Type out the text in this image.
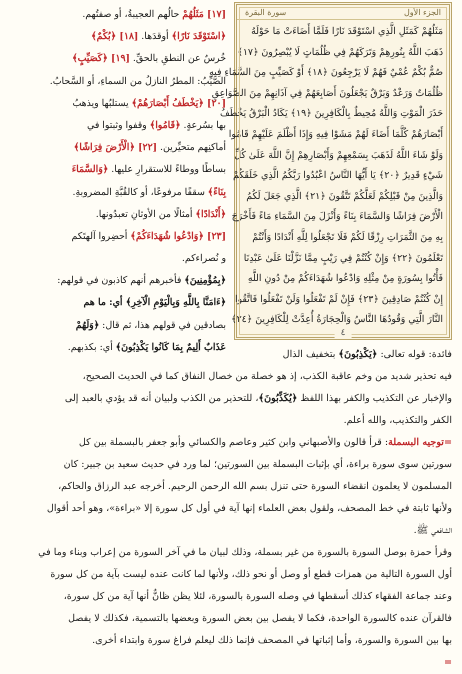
الجزء الأول
سورة البقرة
مَثَلُهُمْ كَمَثَلِ الَّذِي اسْتَوْقَدَ نَارًا فَلَمَّا أَضَاءَتْ مَا حَوْلَهُ
ذَهَبَ اللَّهُ بِنُورِهِمْ وَتَرَكَهُمْ فِي ظُلُمَاتٍ لَا يُبْصِرُونَ ﴿١٧﴾
صُمٌّ بُكْمٌ عُمْيٌ فَهُمْ لَا يَرْجِعُونَ ﴿١٨﴾ أَوْ كَصَيِّبٍ مِنَ السَّمَاءِ فِيهِ
ظُلُمَاتٌ وَرَعْدٌ وَبَرْقٌ يَجْعَلُونَ أَصَابِعَهُمْ فِي آذَانِهِمْ مِنَ الصَّوَاعِقِ
حَذَرَ الْمَوْتِ وَاللَّهُ مُحِيطٌ بِالْكَافِرِينَ ﴿١٩﴾ يَكَادُ الْبَرْقُ يَخْطَفُ
أَبْصَارَهُمْ كُلَّمَا أَضَاءَ لَهُمْ مَشَوْا فِيهِ وَإِذَا أَظْلَمَ عَلَيْهِمْ قَامُوا
وَلَوْ شَاءَ اللَّهُ لَذَهَبَ بِسَمْعِهِمْ وَأَبْصَارِهِمْ إِنَّ اللَّهَ عَلَىٰ كُلِّ
شَيْءٍ قَدِيرٌ ﴿٢٠﴾ يَا أَيُّهَا النَّاسُ اعْبُدُوا رَبَّكُمُ الَّذِي خَلَقَكُمْ
وَالَّذِينَ مِنْ قَبْلِكُمْ لَعَلَّكُمْ تَتَّقُونَ ﴿٢١﴾ الَّذِي جَعَلَ لَكُمُ
الْأَرْضَ فِرَاشًا وَالسَّمَاءَ بِنَاءً وَأَنْزَلَ مِنَ السَّمَاءِ مَاءً فَأَخْرَجَ
بِهِ مِنَ الثَّمَرَاتِ رِزْقًا لَكُمْ فَلَا تَجْعَلُوا لِلَّهِ أَنْدَادًا وَأَنْتُمْ
تَعْلَمُونَ ﴿٢٢﴾ وَإِنْ كُنْتُمْ فِي رَيْبٍ مِمَّا نَزَّلْنَا عَلَىٰ عَبْدِنَا
فَأْتُوا بِسُورَةٍ مِنْ مِثْلِهِ وَادْعُوا شُهَدَاءَكُمْ مِنْ دُونِ اللَّهِ
إِنْ كُنْتُمْ صَادِقِينَ ﴿٢٣﴾ فَإِنْ لَمْ تَفْعَلُوا وَلَنْ تَفْعَلُوا فَاتَّقُوا
النَّارَ الَّتِي وَقُودُهَا النَّاسُ وَالْحِجَارَةُ أُعِدَّتْ لِلْكَافِرِينَ ﴿٢٤﴾
٤
[١٧] مَثَلُهُمْ حالُهم العجيبةُ، أو صفتُهم.
﴿اسْتَوْقَدَ نَارًا﴾ أوقدَها. [١٨] ﴿بُكْمٌ﴾
خُرسٌ عن النطقِ بالحقِّ. [١٩] ﴿كَصَيِّبٍ﴾
الصَّيِّبُ: المطرُ النازلُ من السماءِ، أو السَّحابُ.
[٢٠] ﴿يَخْطَفُ أَبْصَارَهُمْ﴾ يستلبُها ويذهبُ
بها بسُرعةٍ. ﴿قَامُوا﴾ وقفوا وثبتوا في
أماكنِهم متحيِّرين. [٢٢] ﴿الْأَرْضَ فِرَاشًا﴾
بساطًا ووطاءً للاستقرارِ عليها. ﴿وَالسَّمَاءَ
بِنَاءً﴾ سقفًا مرفوعًا، أو كالقُبَّةِ المضروبةِ.
﴿أَنْدَادًا﴾ أمثالًا من الأوثانِ تعبدُونها.
[٢٣] ﴿وَادْعُوا شُهَدَاءَكُمْ﴾ أحضِروا آلهتَكم
و نُصراءكم.
﴿بِمُؤْمِنِينَ﴾ فأخبرهم أنهم كاذبون في قولهم:
﴿ءَامَنَّا بِاللَّهِ وَبِالْيَوْمِ الْآخِرِ﴾ أي: ما هم
بصادقين في قولهم هذا، ثم قال: ﴿وَلَهُمْ
عَذَابٌ أَلِيمٌ بِمَا كَانُوا يَكْذِبُونَ﴾ أي: بكذبهم.
فائدة: قوله تعالى: ﴿يَكْذِبُونَ﴾ بتخفيف الذال
فيه تحذير شديد من وخم عاقبة الكذب، إذ هو خصلة من خصال النفاق كما في الحديث الصحيح،
والإخبار عن التكذيب والكفر بهذا اللفظ ﴿يُكَذِّبُونَ﴾، للتحذير من الكذب ولبيان أنه قد يؤدي بالعبد إلى
الكفر والتكذيب، والله أعلم.
=توجيه البسملة: قرأ قالون والأصبهاني وابن كثير وعاصم والكسائي وأبو جعفر بالبسملة بين كل
سورتين سوى سورة براءة، أي بإثبات البسملة بين السورتين؛ لما ورد في حديث سعيد بن جبير: كان
المسلمون لا يعلمون انقضاء السورة حتى تنزل بسم الله الرحمن الرحيم. أخرجه عبد الرزاق والحاكم،
ولأنها ثابتة في خط المصحف، ولقول بعض العلماء إنها آية في أول كل سورة إلا «براءة»، وهو أحد أقوال
الشافعي ﷺ.
وقرأ حمزة بوصل السورة بالسورة من غير بسملة، وذلك لبيان ما في آخر السورة من إعراب وبناء وما في
أول السورة التالية من همزات قطع أو وصل أو نحو ذلك، ولأنها لما كانت عنده ليست بآية من كل سورة
وعند جماعة الفقهاء كذلك أسقطها في وصله السورة بالسورة، لئلا يظن ظانٌّ أنها آية من كل سورة،
فالقرآن عنده كالسورة الواحدة، فكما لا يفصل بين بعض السورة وبعضها بالتسمية، فكذلك لا يفصل
بها بين السورة والسورة، وأما إثباتها في المصحف فإنما ذلك ليعلم فراغ سورة وابتداء أخرى.
=
